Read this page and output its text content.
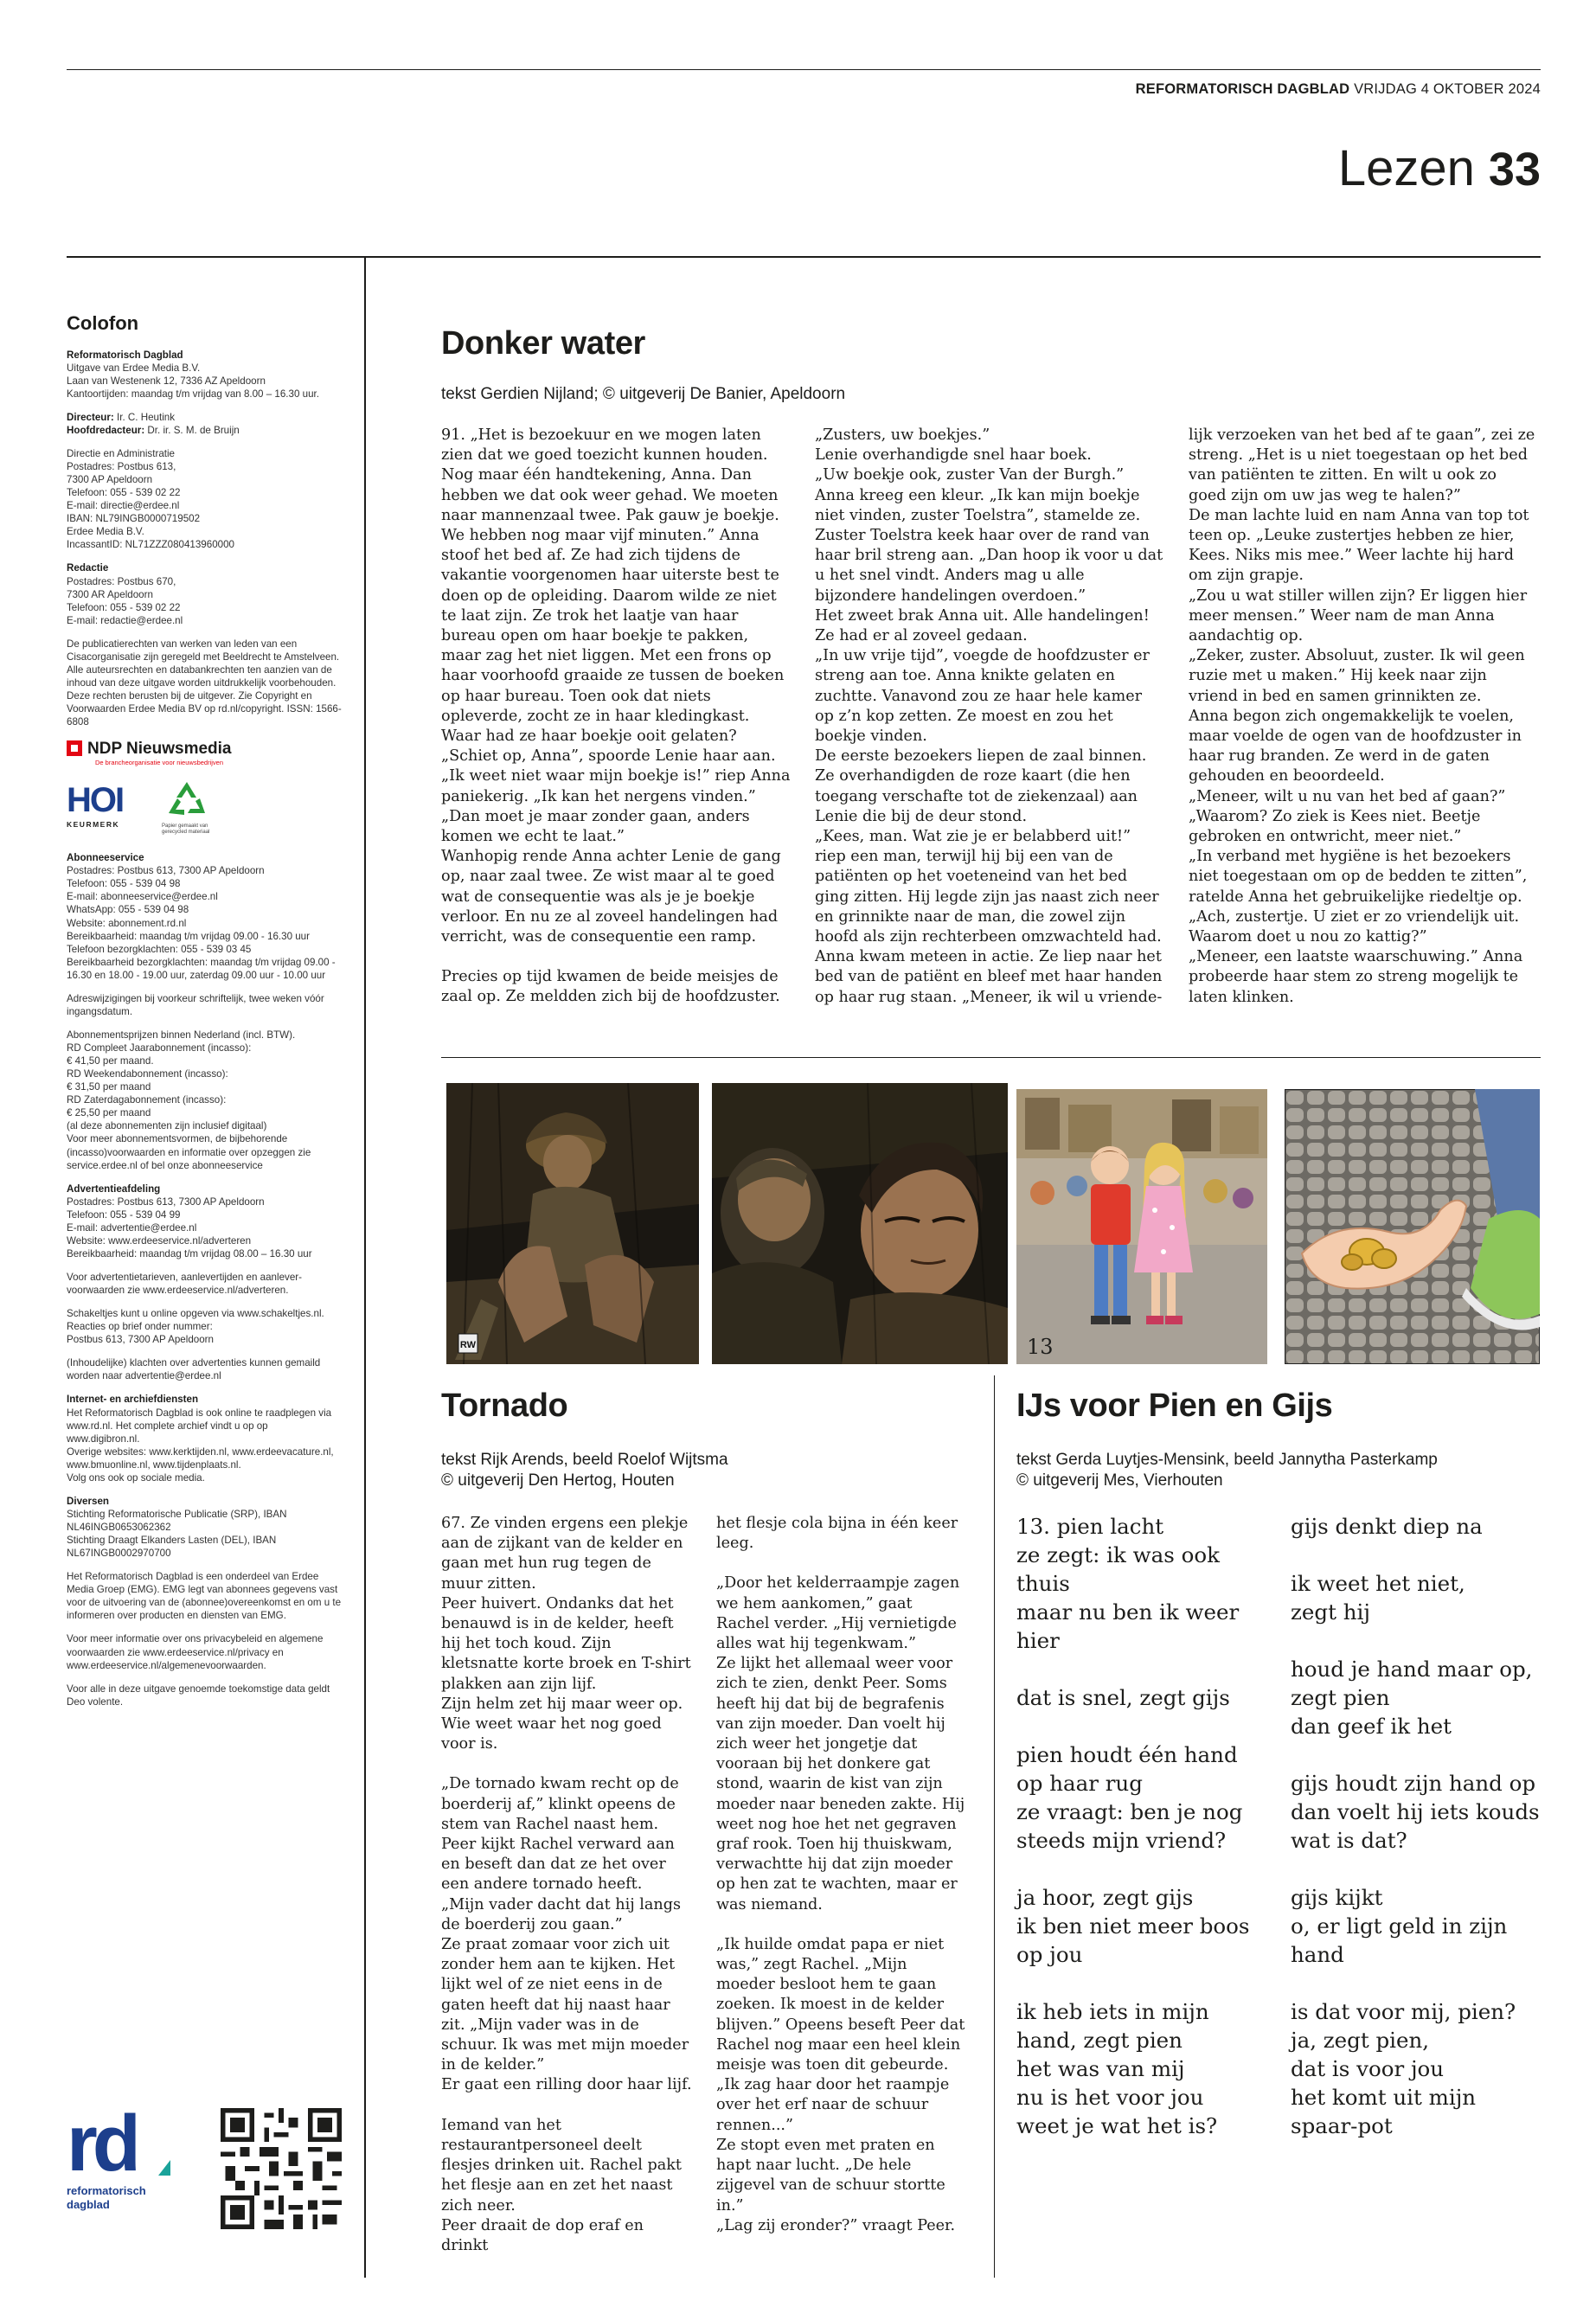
REFORMATORISCH DAGBLAD VRIJDAG 4 OKTOBER 2024
Lezen 33
Colofon
Reformatorisch Dagblad
Uitgave van Erdee Media B.V.
Laan van Westenenk 12, 7336 AZ Apeldoorn
Kantoortijden: maandag t/m vrijdag van 8.00 – 16.30 uur.
Directeur: Ir. C. Heutink
Hoofdredacteur: Dr. ir. S. M. de Bruijn
Directie en Administratie
Postadres: Postbus 613,
7300 AP Apeldoorn
Telefoon: 055 - 539 02 22
E-mail: directie@erdee.nl
IBAN: NL79INGB0000719502
Erdee Media B.V.
IncassantID: NL71ZZZ080413960000
Redactie
Postadres: Postbus 670,
7300 AR Apeldoorn
Telefoon: 055 - 539 02 22
E-mail: redactie@erdee.nl
De publicatierechten van werken van leden van een Cisacorganisatie zijn geregeld met Beeldrecht te Amstelveen. Alle auteursrechten en databankrechten ten aanzien van de inhoud van deze uitgave worden uitdrukkelijk voorbehouden. Deze rechten berusten bij de uitgever. Zie Copyright en Voorwaarden Erdee Media BV op rd.nl/copyright. ISSN: 1566-6808
NDP Nieuwsmedia
De brancheorganisatie voor nieuwsbedrijven
HOI
KEURMERK	Papier gemaakt van gerecycled materiaal
Abonneeservice
Postadres: Postbus 613, 7300 AP Apeldoorn
Telefoon: 055 - 539 04 98
E-mail: abonneeservice@erdee.nl
WhatsApp: 055 - 539 04 98
Website: abonnement.rd.nl
Bereikbaarheid: maandag t/m vrijdag 09.00 - 16.30 uur
Telefoon bezorgklachten: 055 - 539 03 45
Bereikbaarheid bezorgklachten: maandag t/m vrijdag 09.00 - 16.30 en 18.00 - 19.00 uur, zaterdag 09.00 uur - 10.00 uur
Adreswijzigingen bij voorkeur schriftelijk, twee weken vóór ingangsdatum.
Abonnementsprijzen binnen Nederland (incl. BTW).
RD Compleet Jaarabonnement (incasso):
€ 41,50 per maand.
RD Weekendabonnement (incasso):
€ 31,50 per maand
RD Zaterdagabonnement (incasso):
€ 25,50 per maand
(al deze abonnementen zijn inclusief digitaal)
Voor meer abonnementsvormen, de bijbehorende (incasso)voorwaarden en informatie over opzeggen zie service.erdee.nl of bel onze abonneeservice
Advertentieafdeling
Postadres: Postbus 613, 7300 AP Apeldoorn
Telefoon: 055 - 539 04 99
E-mail: advertentie@erdee.nl
Website: www.erdeeservice.nl/adverteren
Bereikbaarheid: maandag t/m vrijdag 08.00 – 16.30 uur
Voor advertentietarieven, aanlevertijden en aanlever-voorwaarden zie www.erdeeservice.nl/adverteren.
Schakeltjes kunt u online opgeven via www.schakeltjes.nl.
Reacties op brief onder nummer:
Postbus 613, 7300 AP Apeldoorn
(Inhoudelijke) klachten over advertenties kunnen gemaild worden naar advertentie@erdee.nl
Internet- en archiefdiensten
Het Reformatorisch Dagblad is ook online te raadplegen via www.rd.nl. Het complete archief vindt u op op
www.digibron.nl.
Overige websites: www.kerktijden.nl, www.erdeevacature.nl, www.bmuonline.nl, www.tijdenplaats.nl.
Volg ons ook op sociale media.
Diversen
Stichting Reformatorische Publicatie (SRP), IBAN NL46INGB0653062362
Stichting Draagt Elkanders Lasten (DEL), IBAN NL67INGB0002970700
Het Reformatorisch Dagblad is een onderdeel van Erdee Media Groep (EMG). EMG legt van abonnees gegevens vast voor de uitvoering van de (abonnee)overeenkomst en om u te informeren over producten en diensten van EMG.
Voor meer informatie over ons privacybeleid en algemene voorwaarden zie www.erdeeservice.nl/privacy en www.erdeeservice.nl/algemenevoorwaarden.
Voor alle in deze uitgave genoemde toekomstige data geldt Deo volente.
rd
reformatorisch
dagblad
Donker water
tekst Gerdien Nijland; © uitgeverij De Banier, Apeldoorn

91. „Het is bezoekuur en we mogen laten zien dat we goed toezicht kunnen houden. Nog maar één handtekening, Anna. Dan hebben we dat ook weer gehad. We moeten naar mannenzaal twee. Pak gauw je boekje. We hebben nog maar vijf minuten.” Anna stoof het bed af. Ze had zich tijdens de vakantie voorgenomen haar uiterste best te doen op de opleiding. Daarom wilde ze niet te laat zijn. Ze trok het laatje van haar bureau open om haar boekje te pakken, maar zag het niet liggen. Met een frons op haar voorhoofd graaide ze tussen de boeken op haar bureau. Toen ook dat niets opleverde, zocht ze in haar kledingkast. Waar had ze haar boekje ooit gelaten?

„Schiet op, Anna”, spoorde Lenie haar aan. „Ik weet niet waar mijn boekje is!” riep Anna paniekerig. „Ik kan het nergens vinden.”

„Dan moet je maar zonder gaan, anders komen we echt te laat.”

Wanhopig rende Anna achter Lenie de gang op, naar zaal twee. Ze wist maar al te goed wat de consequentie was als je je boekje verloor. En nu ze al zoveel handelingen had verricht, was de consequentie een ramp.

Precies op tijd kwamen de beide meisjes de zaal op. Ze meldden zich bij de hoofdzuster.

„Zusters, uw boekjes.”

Lenie overhandigde snel haar boek.

„Uw boekje ook, zuster Van der Burgh.”

Anna kreeg een kleur. „Ik kan mijn boekje niet vinden, zuster Toelstra”, stamelde ze. Zuster Toelstra keek haar over de rand van haar bril streng aan. „Dan hoop ik voor u dat u het snel vindt. Anders mag u alle bijzondere handelingen overdoen.”

Het zweet brak Anna uit. Alle handelingen! Ze had er al zoveel gedaan.

„In uw vrije tijd”, voegde de hoofdzuster er streng aan toe. Anna knikte gelaten en zuchtte. Vanavond zou ze haar hele kamer op z’n kop zetten. Ze moest en zou het boekje vinden.

De eerste bezoekers liepen de zaal binnen. Ze overhandigden de roze kaart (die hen toegang verschafte tot de ziekenzaal) aan Lenie die bij de deur stond.

„Kees, man. Wat zie je er belabberd uit!” riep een man, terwijl hij bij een van de patiënten op het voeteneind van het bed ging zitten. Hij legde zijn jas naast zich neer en grinnikte naar de man, die zowel zijn hoofd als zijn rechterbeen omzwachteld had.

Anna kwam meteen in actie. Ze liep naar het bed van de patiënt en bleef met haar handen op haar rug staan. „Meneer, ik wil u vriende-

lijk verzoeken van het bed af te gaan”, zei ze streng. „Het is u niet toegestaan op het bed van patiënten te zitten. En wilt u ook zo goed zijn om uw jas weg te halen?”

De man lachte luid en nam Anna van top tot teen op. „Leuke zustertjes hebben ze hier, Kees. Niks mis mee.” Weer lachte hij hard om zijn grapje.

„Zou u wat stiller willen zijn? Er liggen hier meer mensen.” Weer nam de man Anna aandachtig op.

„Zeker, zuster. Absoluut, zuster. Ik wil geen ruzie met u maken.” Hij keek naar zijn vriend in bed en samen grinnikten ze.

Anna begon zich ongemakkelijk te voelen, maar voelde de ogen van de hoofdzuster in haar rug branden. Ze werd in de gaten gehouden en beoordeeld.

„Meneer, wilt u nu van het bed af gaan?”

„Waarom? Zo ziek is Kees niet. Beetje gebroken en ontwricht, meer niet.”

„In verband met hygiëne is het bezoekers niet toegestaan om op de bedden te zitten”, ratelde Anna het gebruikelijke riedeltje op.

„Ach, zustertje. U ziet er zo vriendelijk uit. Waarom doet u nou zo kattig?”

„Meneer, een laatste waarschuwing.” Anna probeerde haar stem zo streng mogelijk te laten klinken.

RW	13
Tornado
tekst Rijk Arends, beeld Roelof Wijtsma
© uitgeverij Den Hertog, Houten

67. Ze vinden ergens een plekje aan de zijkant van de kelder en gaan met hun rug tegen de muur zitten.

Peer huivert. Ondanks dat het benauwd is in de kelder, heeft hij het toch koud. Zijn kletsnatte korte broek en T-shirt plakken aan zijn lijf.

Zijn helm zet hij maar weer op. Wie weet waar het nog goed voor is.

„De tornado kwam recht op de boerderij af,” klinkt opeens de stem van Rachel naast hem.

Peer kijkt Rachel verward aan en beseft dan dat ze het over een andere tornado heeft.

„Mijn vader dacht dat hij langs de boerderij zou gaan.”

Ze praat zomaar voor zich uit zonder hem aan te kijken. Het lijkt wel of ze niet eens in de gaten heeft dat hij naast haar zit. „Mijn vader was in de schuur. Ik was met mijn moeder in de kelder.”

Er gaat een rilling door haar lijf.

Iemand van het restaurantpersoneel deelt flesjes drinken uit. Rachel pakt het flesje aan en zet het naast zich neer.

Peer draait de dop eraf en drinkt

het flesje cola bijna in één keer leeg.

„Door het kelderraampje zagen we hem aankomen,” gaat Rachel verder. „Hij vernietigde alles wat hij tegenkwam.”

Ze lijkt het allemaal weer voor zich te zien, denkt Peer. Soms heeft hij dat bij de begrafenis van zijn moeder. Dan voelt hij zich weer het jongetje dat vooraan bij het donkere gat stond, waarin de kist van zijn moeder naar beneden zakte. Hij weet nog hoe het net gegraven graf rook. Toen hij thuiskwam, verwachtte hij dat zijn moeder op hen zat te wachten, maar er was niemand.

„Ik huilde omdat papa er niet was,” zegt Rachel. „Mijn moeder besloot hem te gaan zoeken. Ik moest in de kelder blijven.” Opeens beseft Peer dat Rachel nog maar een heel klein meisje was toen dit gebeurde.

„Ik zag haar door het raampje over het erf naar de schuur rennen...”

Ze stopt even met praten en hapt naar lucht. „De hele zijgevel van de schuur stortte in.”

„Lag zij eronder?” vraagt Peer.

IJs voor Pien en Gijs
tekst Gerda Luytjes-Mensink, beeld Jannytha Pasterkamp
© uitgeverij Mes, Vierhouten
13. pien lacht
ze zegt: ik was ook
thuis
maar nu ben ik weer
hier
dat is snel, zegt gijs
pien houdt één hand
op haar rug
ze vraagt: ben je nog
steeds mijn vriend?
ja hoor, zegt gijs
ik ben niet meer boos
op jou
ik heb iets in mijn
hand, zegt pien
het was van mij
nu is het voor jou
weet je wat het is?
gijs denkt diep na
ik weet het niet,
zegt hij
houd je hand maar op,
zegt pien
dan geef ik het
gijs houdt zijn hand op
dan voelt hij iets kouds
wat is dat?
gijs kijkt
o, er ligt geld in zijn
hand
is dat voor mij, pien?
ja, zegt pien,
dat is voor jou
het komt uit mijn
spaar-pot
